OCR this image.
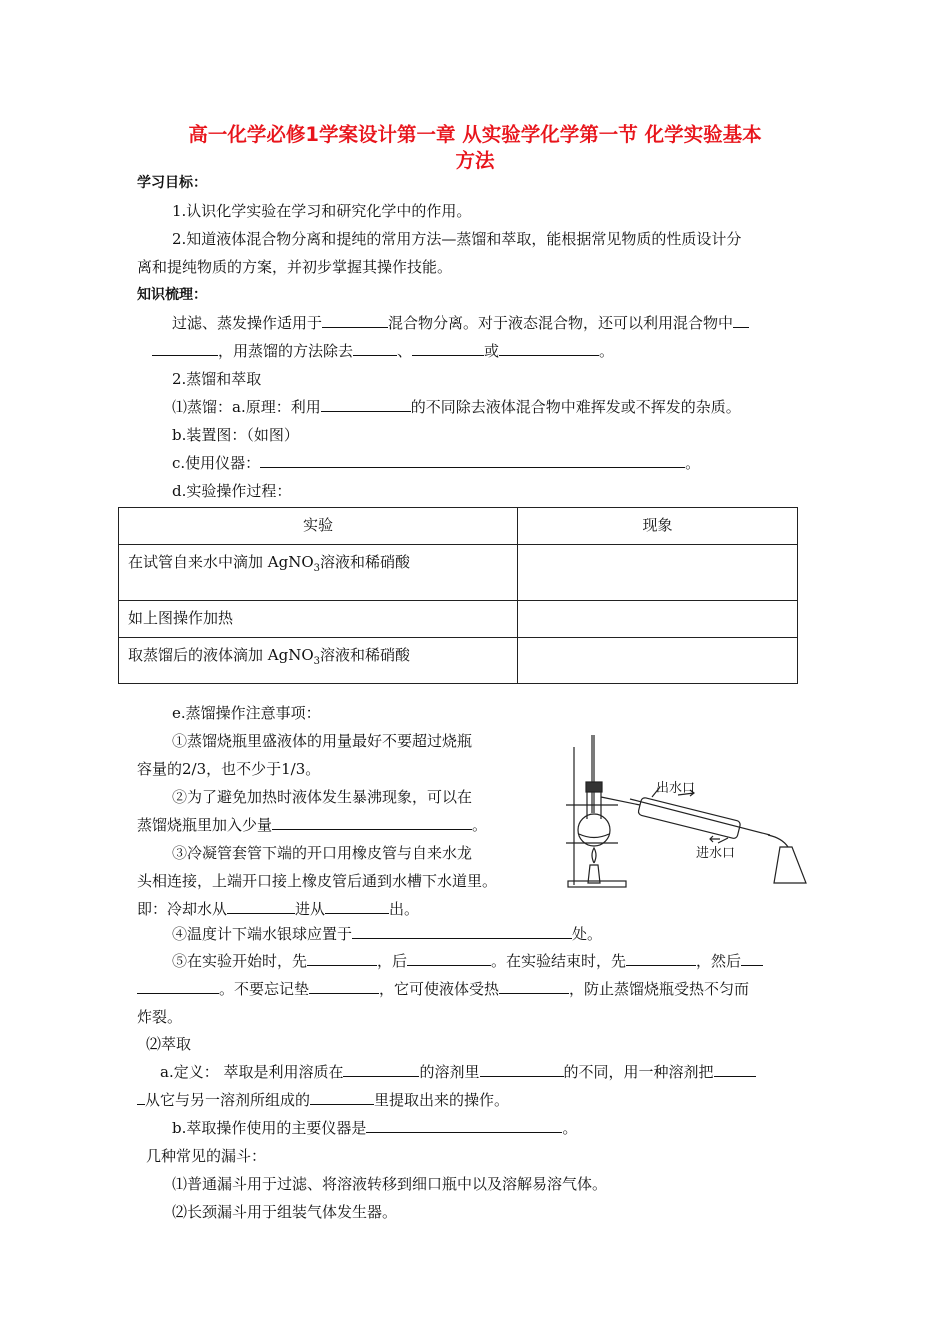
高一化学必修1学案设计第一章 从实验学化学第一节 化学实验基本
方法
学习目标：
1.认识化学实验在学习和研究化学中的作用。
2.知道液体混合物分离和提纯的常用方法—蒸馏和萃取，能根据常见物质的性质设计分
离和提纯物质的方案，并初步掌握其操作技能。
知识梳理：
过滤、蒸发操作适用于	混合物分离。对于液态混合物，还可以利用混合物中
，用蒸馏的方法除去	、	或	。
2.蒸馏和萃取
⑴蒸馏：a.原理：利用	的不同除去液体混合物中难挥发或不挥发的杂质。
b.装置图：（如图）
c.使用仪器：	。
d.实验操作过程：
实验	现象
在试管自来水中滴加 AgNO$_3$溶液和稀硝酸	
如上图操作加热	
取蒸馏后的液体滴加 AgNO$_3$溶液和稀硝酸	
e.蒸馏操作注意事项：
①蒸馏烧瓶里盛液体的用量最好不要超过烧瓶
容量的2/3，也不少于1/3。
②为了避免加热时液体发生暴沸现象，可以在
蒸馏烧瓶里加入少量	。
③冷凝管套管下端的开口用橡皮管与自来水龙
头相连接，上端开口接上橡皮管后通到水槽下水道里。
即：冷却水从	进从	出。
④温度计下端水银球应置于	处。
⑤在实验开始时，先	，后	。在实验结束时，先	，然后
。不要忘记垫	，它可使液体受热	，防止蒸馏烧瓶受热不匀而
炸裂。
⑵萃取
a.定义： 萃取是利用溶质在	的溶剂里	的不同，用一种溶剂把
从它与另一溶剂所组成的	里提取出来的操作。
b.萃取操作使用的主要仪器是	。
几种常见的漏斗：
⑴普通漏斗用于过滤、将溶液转移到细口瓶中以及溶解易溶气体。
⑵长颈漏斗用于组装气体发生器。
出水口
进水口
